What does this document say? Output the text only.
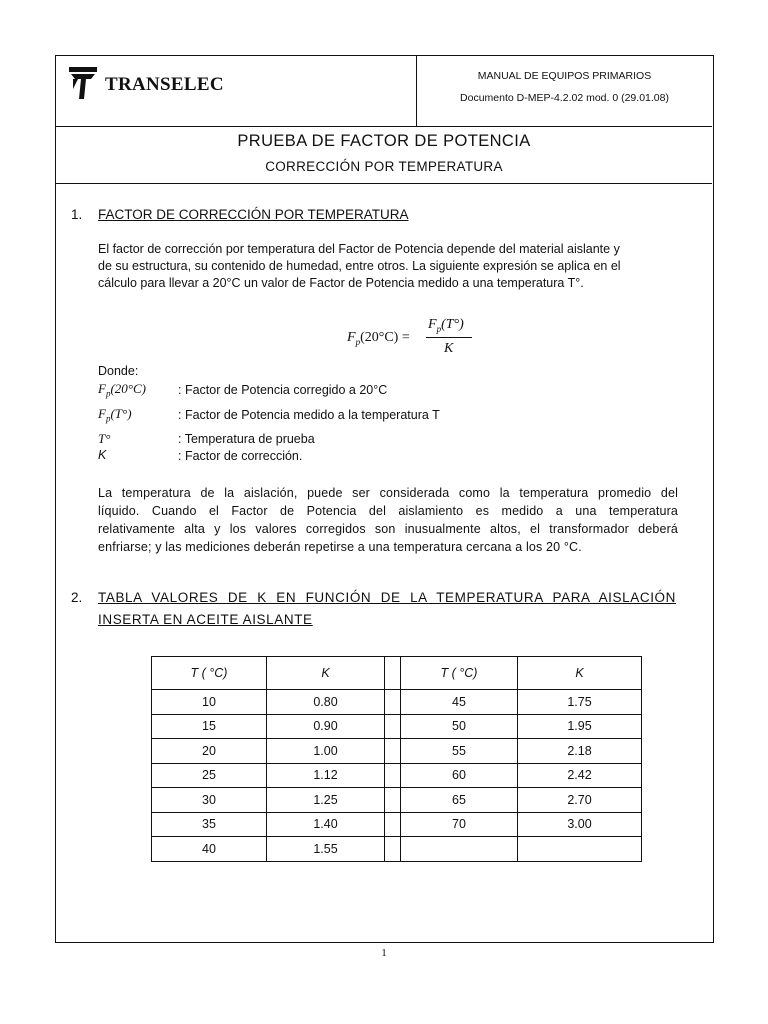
TRANSELEC	MANUAL DE EQUIPOS PRIMARIOS
Documento D-MEP-4.2.02 mod. 0 (29.01.08)
PRUEBA DE FACTOR DE POTENCIA
CORRECCIÓN POR TEMPERATURA
1. FACTOR DE CORRECCIÓN POR TEMPERATURA
El factor de corrección por temperatura del Factor de Potencia depende del material aislante y
de su estructura, su contenido de humedad, entre otros. La siguiente expresión se aplica en el
cálculo para llevar a 20°C un valor de Factor de Potencia medido a una temperatura T°.
$F_p(20^\circ C)$ =
$F_p(T^\circ)$
K
Donde:
$F_p(20^\circ C)$	: Factor de Potencia corregido a 20°C
$F_p(T^\circ)$	: Factor de Potencia medido a la temperatura T
T°	: Temperatura de prueba
K	: Factor de corrección.
La temperatura de la aislación, puede ser considerada como la temperatura promedio del
líquido. Cuando el Factor de Potencia del aislamiento es medido a una temperatura
relativamente alta y los valores corregidos son inusualmente altos, el transformador deberá
enfriarse; y las mediciones deberán repetirse a una temperatura cercana a los 20 °C.
2. TABLA VALORES DE K EN FUNCIÓN DE LA TEMPERATURA PARA AISLACIÓN
INSERTA EN ACEITE AISLANTE
T ( °C)	K		T ( °C)	K
10	0.80		45	1.75
15	0.90		50	1.95
20	1.00		55	2.18
25	1.12		60	2.42
30	1.25		65	2.70
35	1.40		70	3.00
40	1.55			
1
